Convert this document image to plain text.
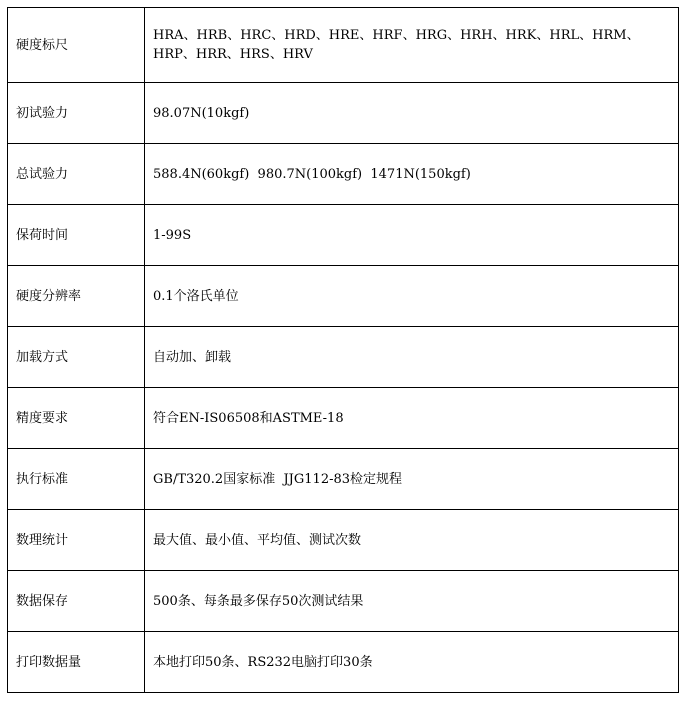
硬度标尺	HRA、HRB、HRC、HRD、HRE、HRF、HRG、HRH、HRK、HRL、HRM、HRP、HRR、HRS、HRV
初试验力	98.07N(10kgf)
总试验力	588.4N(60kgf)  980.7N(100kgf)  1471N(150kgf)
保荷时间	1-99S
硬度分辨率	0.1个洛氏单位
加载方式	自动加、卸载
精度要求	符合EN-IS06508和ASTME-18
执行标准	GB/T320.2国家标准  JJG112-83检定规程
数理统计	最大值、最小值、平均值、测试次数
数据保存	500条、每条最多保存50次测试结果
打印数据量	本地打印50条、RS232电脑打印30条
